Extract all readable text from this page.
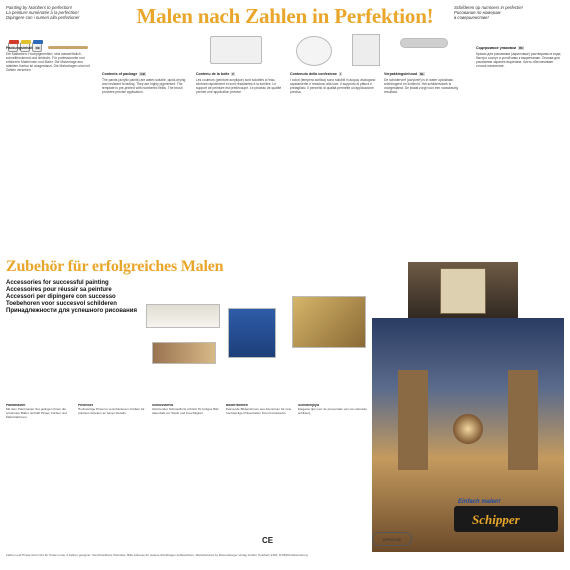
Painting by Numbers to perfection!
La peinture numérotée à la perfection!
Dipingere con i numeri alla perfezione!	Malen nach Zahlen in Perfektion!	Schilderen op nummers in perfectie!
Рисование по номерам
в совершенстве!
Packungsinhalt DE

Die Malfarben: Hochpigmentiert, sind wasserlöslich, schnelltrocknend und lichtecht. Für professionelle und erfahrene Malerinnen und Maler. Die Malvorlage aus stabilem Karton ist ausgestanzt. Die Malvorlagen sind mit Zahlen versehen.

Contents of package GB

The paints (acrylic paints) are water-soluble, quick-drying and resistant to fading. They are highly pigmented. The template is pre-printed with numbered fields. The brush provides precise application.

Contenu de la boîte F

Les couleurs (peinture acrylique) sont solubles à l'eau, séchant rapidement et sont résistantes à la lumière. Le support de peinture est prédécoupé. Le pinceau de qualité permet une application précise.

Contenuto della confezione I

I colori (tempera acrilica) sono solubili in acqua, asciugano rapidamente e resistono alla luce. Il supporto di pittura è pretagliato. Il pennello di qualità permette un'applicazione precisa.

Verpakkingsinhoud NL

De schilderverf (acrylverf) is in water oplosbaar, sneldrogend en lichtecht. Het schildersdoek is voorgestanst. De kwast zorgt voor een nauwkeurig resultaat.

Содержимое упаковки RU

Краски для рисования (акриловые) растворимы в воде, быстро сохнут и устойчивы к выцветанию. Основа для рисования заранее вырезана. Кисть обеспечивает точное нанесение.

Zubehör für erfolgreiches Malen
Accessories for successful painting
Accessoires pour réussir sa peinture
Accessori per dipingere con successo
Toebehoren voor succesvol schilderen
Принадлежности для успешного рисования
Paintmaster
Mit dem Paintmaster Set gelingen Ihnen die schönsten Bilder. Enthält Pinsel, Farben und Malschablonen.
Pinselset
Hochwertige Pinsel in verschiedenen Größen für präzises Arbeiten an feinen Details.
Schlussfirnis
Glänzender Schlussfirnis schützt Ihr fertiges Bild dauerhaft vor Staub und Feuchtigkeit.
Bilderrahmen
Passende Bilderrahmen aus Aluminium für eine hochwertige Präsentation Ihres Kunstwerks.
Schilderijlijst
Elegante lijst voor de presentatie van uw voltooide schilderij.
CE	APPROVED
Einfach malen!
Schipper
Farben und Pinsel sind nicht für Kinder unter 3 Jahren geeignet. Verschluckbare Kleinteile. Bitte Adresse für weitere Rückfragen aufbewahren. Manufactured by Ravensburger Verlag GmbH, Postfach 2460, D-88194 Ravensburg.
